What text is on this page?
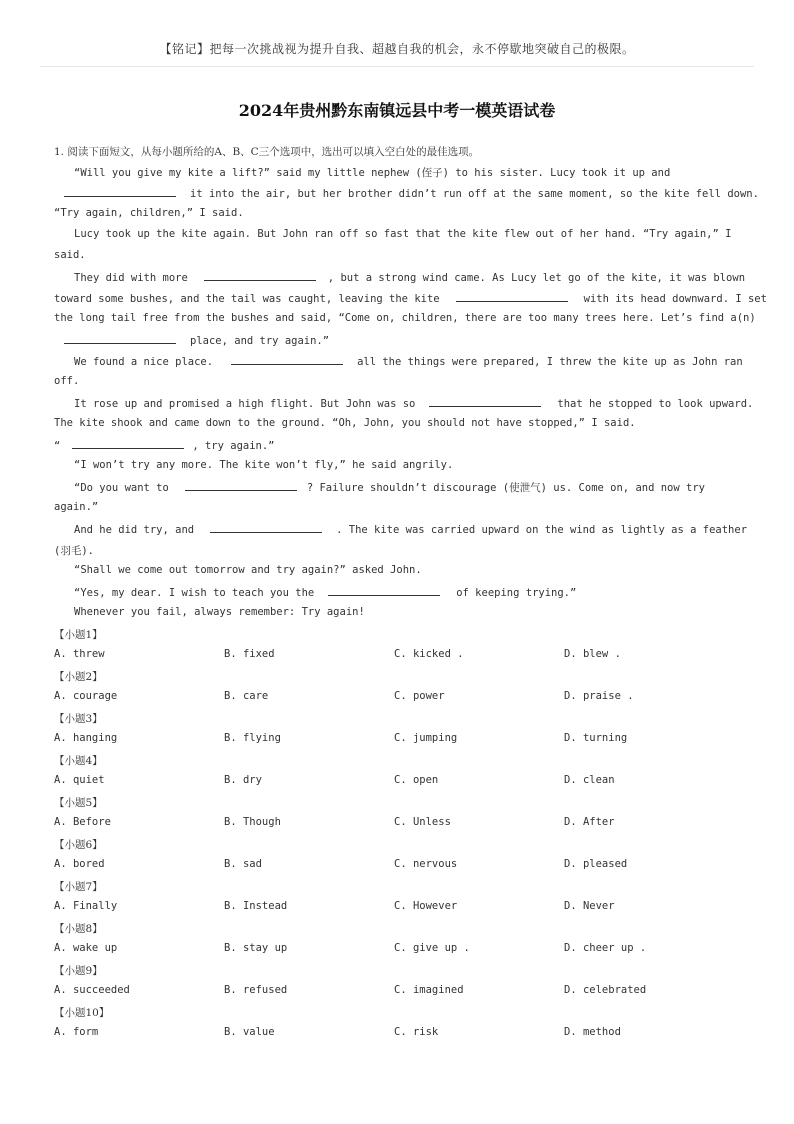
【铭记】把每一次挑战视为提升自我、超越自我的机会，永不停歇地突破自己的极限。
2024年贵州黔东南镇远县中考一模英语试卷
1. 阅读下面短文，从每小题所给的A、B、C三个选项中，选出可以填入空白处的最佳选项。
“Will you give my kite a lift?” said my little nephew (侄子) to his sister. Lucy took it up and
it into the air, but her brother didn’t run off at the same moment, so the kite fell down.
“Try again, children,” I said.
Lucy took up the kite again. But John ran off so fast that the kite flew out of her hand. “Try again,” I
said.
They did with more	, but a strong wind came. As Lucy let go of the kite, it was blown
toward some bushes, and the tail was caught, leaving the kite	with its head downward. I set
the long tail free from the bushes and said, “Come on, children, there are too many trees here. Let’s find a(n)
place, and try again.”
We found a nice place.	all the things were prepared, I threw the kite up as John ran
off.
It rose up and promised a high flight. But John was so	that he stopped to look upward.
The kite shook and came down to the ground. “Oh, John, you should not have stopped,” I said.
“	, try again.”
“I won’t try any more. The kite won’t fly,” he said angrily.
“Do you want to	? Failure shouldn’t discourage (使泄气) us. Come on, and now try
again.”
And he did try, and	. The kite was carried upward on the wind as lightly as a feather
(羽毛).
“Shall we come out tomorrow and try again?” asked John.
“Yes, my dear. I wish to teach you the	of keeping trying.”
Whenever you fail, always remember: Try again!
【小题1】
A. threw	B. fixed	C. kicked .	D. blew .
【小题2】
A. courage	B. care	C. power	D. praise .
【小题3】
A. hanging	B. flying	C. jumping	D. turning
【小题4】
A. quiet	B. dry	C. open	D. clean
【小题5】
A. Before	B. Though	C. Unless	D. After
【小题6】
A. bored	B. sad	C. nervous	D. pleased
【小题7】
A. Finally	B. Instead	C. However	D. Never
【小题8】
A. wake up	B. stay up	C. give up .	D. cheer up .
【小题9】
A. succeeded	B. refused	C. imagined	D. celebrated
【小题10】
A. form	B. value	C. risk	D. method
